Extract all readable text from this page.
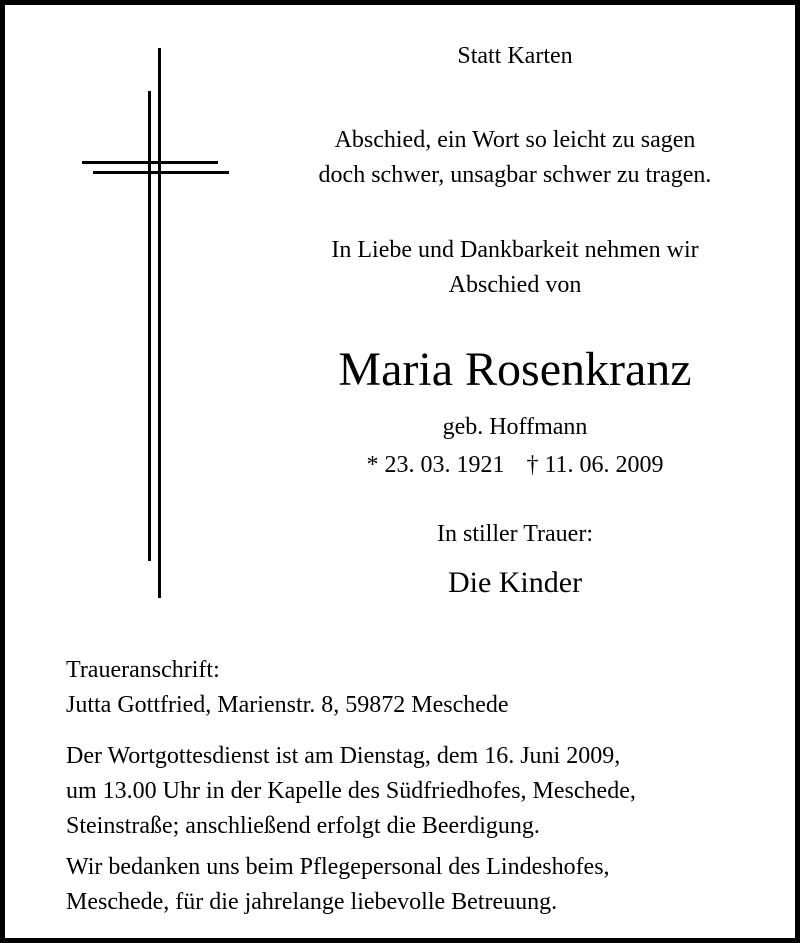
Statt Karten
Abschied, ein Wort so leicht zu sagen
doch schwer, unsagbar schwer zu tragen.
In Liebe und Dankbarkeit nehmen wir
Abschied von
Maria Rosenkranz
geb. Hoffmann
* 23. 03. 1921 † 11. 06. 2009
In stiller Trauer:
Die Kinder
Traueranschrift:
Jutta Gottfried, Marienstr. 8, 59872 Meschede
Der Wortgottesdienst ist am Dienstag, dem 16. Juni 2009,
um 13.00 Uhr in der Kapelle des Südfriedhofes, Meschede,
Steinstraße; anschließend erfolgt die Beerdigung.
Wir bedanken uns beim Pflegepersonal des Lindeshofes,
Meschede, für die jahrelange liebevolle Betreuung.
